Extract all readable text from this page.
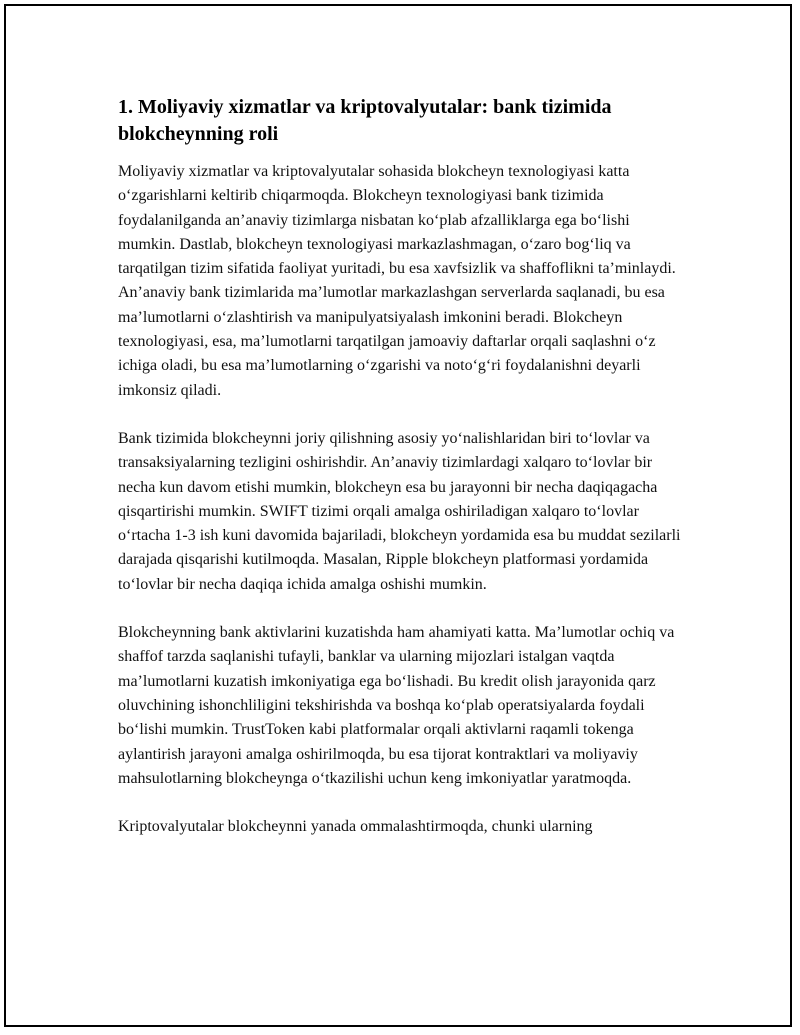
1. Moliyaviy xizmatlar va kriptovalyutalar: bank tizimida blokcheynning roli

Moliyaviy xizmatlar va kriptovalyutalar sohasida blokcheyn texnologiyasi katta o‘zgarishlarni keltirib chiqarmoqda. Blokcheyn texnologiyasi bank tizimida foydalanilganda an’anaviy tizimlarga nisbatan ko‘plab afzalliklarga ega bo‘lishi mumkin. Dastlab, blokcheyn texnologiyasi markazlashmagan, o‘zaro bog‘liq va tarqatilgan tizim sifatida faoliyat yuritadi, bu esa xavfsizlik va shaffoflikni ta’minlaydi. An’anaviy bank tizimlarida ma’lumotlar markazlashgan serverlarda saqlanadi, bu esa ma’lumotlarni o‘zlashtirish va manipulyatsiyalash imkonini beradi. Blokcheyn texnologiyasi, esa, ma’lumotlarni tarqatilgan jamoaviy daftarlar orqali saqlashni o‘z ichiga oladi, bu esa ma’lumotlarning o‘zgarishi va noto‘g‘ri foydalanishni deyarli imkonsiz qiladi.

Bank tizimida blokcheynni joriy qilishning asosiy yo‘nalishlaridan biri to‘lovlar va transaksiyalarning tezligini oshirishdir. An’anaviy tizimlardagi xalqaro to‘lovlar bir necha kun davom etishi mumkin, blokcheyn esa bu jarayonni bir necha daqiqagacha qisqartirishi mumkin. SWIFT tizimi orqali amalga oshiriladigan xalqaro to‘lovlar o‘rtacha 1-3 ish kuni davomida bajariladi, blokcheyn yordamida esa bu muddat sezilarli darajada qisqarishi kutilmoqda. Masalan, Ripple blokcheyn platformasi yordamida to‘lovlar bir necha daqiqa ichida amalga oshishi mumkin.

Blokcheynning bank aktivlarini kuzatishda ham ahamiyati katta. Ma’lumotlar ochiq va shaffof tarzda saqlanishi tufayli, banklar va ularning mijozlari istalgan vaqtda ma’lumotlarni kuzatish imkoniyatiga ega bo‘lishadi. Bu kredit olish jarayonida qarz oluvchining ishonchliligini tekshirishda va boshqa ko‘plab operatsiyalarda foydali bo‘lishi mumkin. TrustToken kabi platformalar orqali aktivlarni raqamli tokenga aylantirish jarayoni amalga oshirilmoqda, bu esa tijorat kontraktlari va moliyaviy mahsulotlarning blokcheynga o‘tkazilishi uchun keng imkoniyatlar yaratmoqda.

Kriptovalyutalar blokcheynni yanada ommalashtirmoqda, chunki ularning
